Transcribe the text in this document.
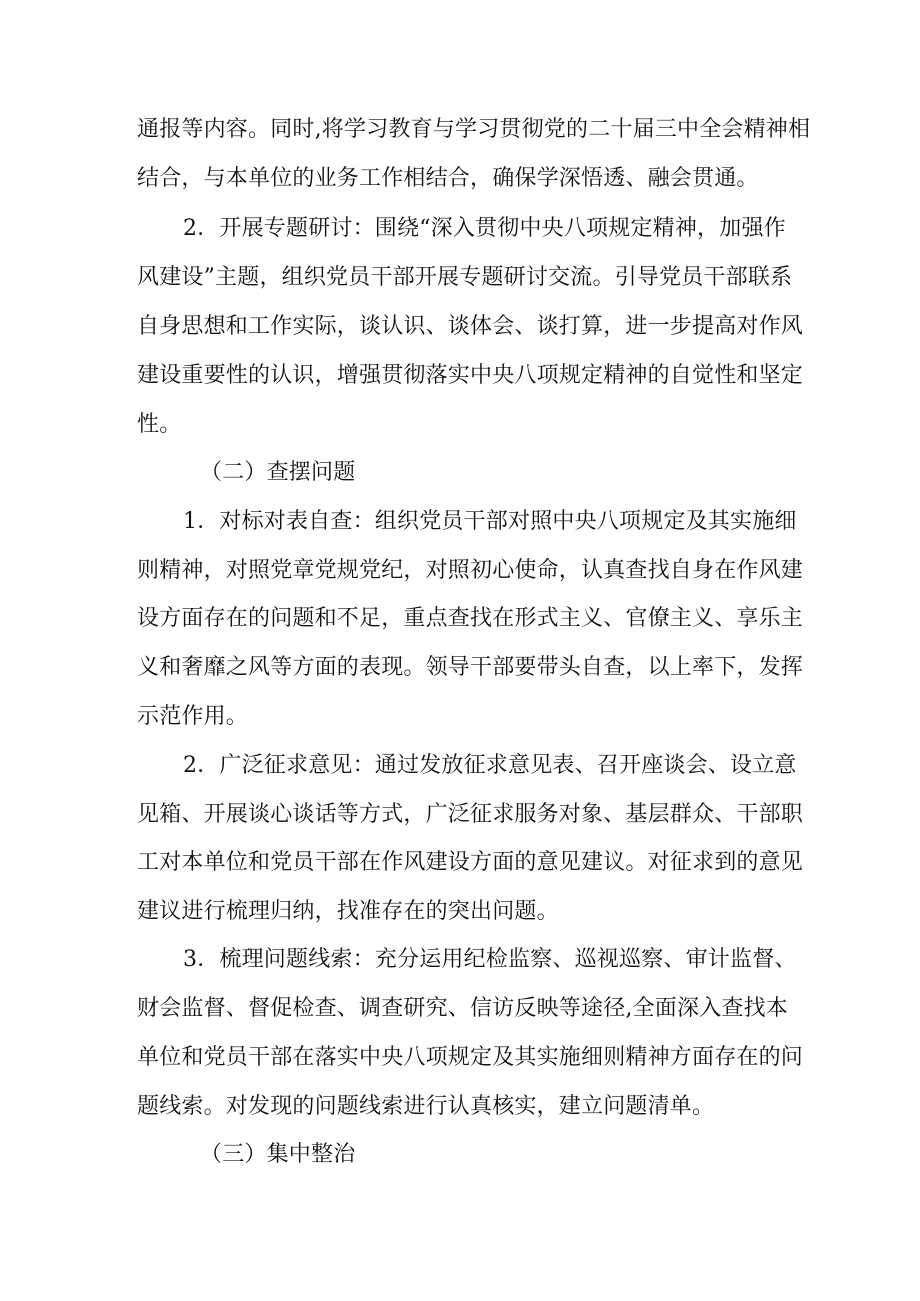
通报等内容。同时,将学习教育与学习贯彻党的二十届三中全会精神相
结合，与本单位的业务工作相结合，确保学深悟透、融会贯通。
2．开展专题研讨：围绕“深入贯彻中央八项规定精神，加强作
风建设”主题，组织党员干部开展专题研讨交流。引导党员干部联系
自身思想和工作实际，谈认识、谈体会、谈打算，进一步提高对作风
建设重要性的认识，增强贯彻落实中央八项规定精神的自觉性和坚定
性。
（二）查摆问题
1．对标对表自查：组织党员干部对照中央八项规定及其实施细
则精神，对照党章党规党纪，对照初心使命，认真查找自身在作风建
设方面存在的问题和不足，重点查找在形式主义、官僚主义、享乐主
义和奢靡之风等方面的表现。领导干部要带头自查，以上率下，发挥
示范作用。
2．广泛征求意见：通过发放征求意见表、召开座谈会、设立意
见箱、开展谈心谈话等方式，广泛征求服务对象、基层群众、干部职
工对本单位和党员干部在作风建设方面的意见建议。对征求到的意见
建议进行梳理归纳，找准存在的突出问题。
3．梳理问题线索：充分运用纪检监察、巡视巡察、审计监督、
财会监督、督促检查、调查研究、信访反映等途径,全面深入查找本
单位和党员干部在落实中央八项规定及其实施细则精神方面存在的问
题线索。对发现的问题线索进行认真核实，建立问题清单。
（三）集中整治
